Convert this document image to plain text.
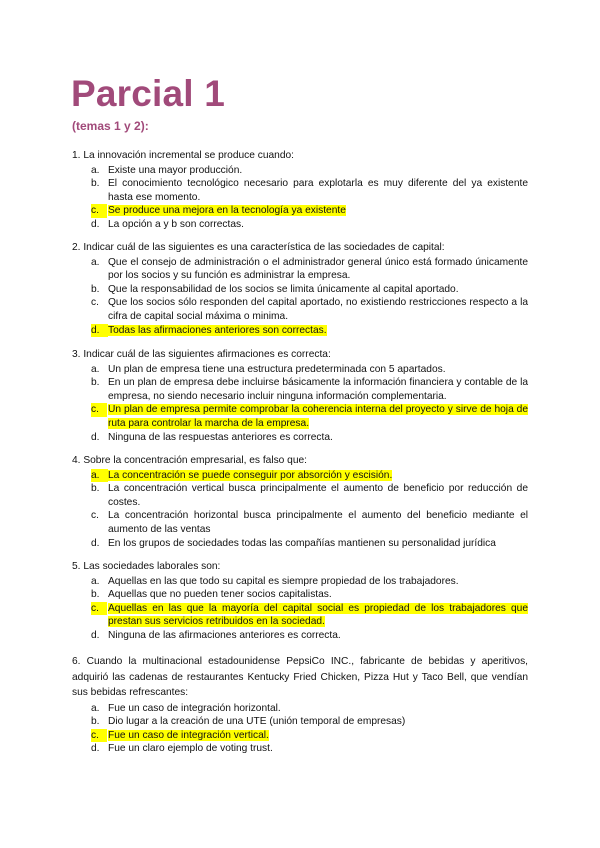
Parcial 1

(temas 1 y 2):

1. La innovación incremental se produce cuando:

a. Existe una mayor producción.
b. El conocimiento tecnológico necesario para explotarla es muy diferente del ya existente hasta ese momento.
c. Se produce una mejora en la tecnología ya existente
d. La opción a y b son correctas.

2. Indicar cuál de las siguientes es una característica de las sociedades de capital:

a. Que el consejo de administración o el administrador general único está formado únicamente por los socios y su función es administrar la empresa.
b. Que la responsabilidad de los socios se limita únicamente al capital aportado.
c. Que los socios sólo responden del capital aportado, no existiendo restricciones respecto a la cifra de capital social máxima o minima.
d. Todas las afirmaciones anteriores son correctas.

3. Indicar cuál de las siguientes afirmaciones es correcta:

a. Un plan de empresa tiene una estructura predeterminada con 5 apartados.
b. En un plan de empresa debe incluirse básicamente la información financiera y contable de la empresa, no siendo necesario incluir ninguna información complementaria.
c. Un plan de empresa permite comprobar la coherencia interna del proyecto y sirve de hoja de ruta para controlar la marcha de la empresa.
d. Ninguna de las respuestas anteriores es correcta.

4. Sobre la concentración empresarial, es falso que:

a. La concentración se puede conseguir por absorción y escisión.
b. La concentración vertical busca principalmente el aumento de beneficio por reducción de costes.
c. La concentración horizontal busca principalmente el aumento del beneficio mediante el aumento de las ventas
d. En los grupos de sociedades todas las compañías mantienen su personalidad jurídica

5. Las sociedades laborales son:

a. Aquellas en las que todo su capital es siempre propiedad de los trabajadores.
b. Aquellas que no pueden tener socios capitalistas.
c. Aquellas en las que la mayoría del capital social es propiedad de los trabajadores que prestan sus servicios retribuidos en la sociedad.
d. Ninguna de las afirmaciones anteriores es correcta.

6. Cuando la multinacional estadounidense PepsiCo INC., fabricante de bebidas y aperitivos, adquirió las cadenas de restaurantes Kentucky Fried Chicken, Pizza Hut y Taco Bell, que vendían sus bebidas refrescantes:

a. Fue un caso de integración horizontal.
b. Dio lugar a la creación de una UTE (unión temporal de empresas)
c. Fue un caso de integración vertical.
d. Fue un claro ejemplo de voting trust.
